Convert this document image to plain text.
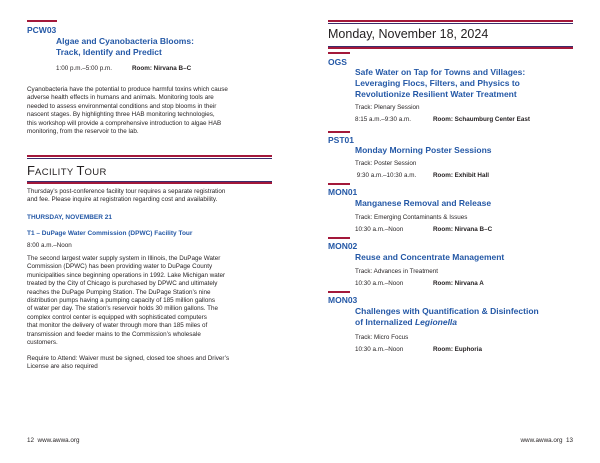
PCW03
Algae and Cyanobacteria Blooms:
Track, Identify and Predict
1:00 p.m.–5:00 p.m.	Room: Nirvana B–C
Cyanobacteria have the potential to produce harmful toxins which cause
adverse health effects in humans and animals. Monitoring tools are
needed to assess environmental conditions and stop blooms in their
nascent stages. By highlighting three HAB monitoring technologies,
this workshop will provide a comprehensive introduction to algae HAB
monitoring, from the reservoir to the lab.
FACILITY TOUR
Thursday’s post-conference facility tour requires a separate registration
and fee. Please inquire at registration regarding cost and availability.
THURSDAY, NOVEMBER 21
T1 – DuPage Water Commission (DPWC) Facility Tour
8:00 a.m.–Noon
The second largest water supply system in Illinois, the DuPage Water
Commission (DPWC) has been providing water to DuPage County
municipalities since beginning operations in 1992. Lake Michigan water
treated by the City of Chicago is purchased by DPWC and ultimately
reaches the DuPage Pumping Station. The DuPage Station’s nine
distribution pumps having a pumping capacity of 185 million gallons
of water per day. The station’s reservoir holds 30 million gallons. The
complex control center is equipped with sophisticated computers
that monitor the delivery of water through more than 185 miles of
transmission and feeder mains to the Commission’s wholesale
customers.
Require to Attend: Waiver must be signed, closed toe shoes and Driver’s
License are also required
12 www.awwa.org
Monday, November 18, 2024
OGS
Safe Water on Tap for Towns and Villages:
Leveraging Flocs, Filters, and Physics to
Revolutionize Resilient Water Treatment
Track: Plenary Session
8:15 a.m.–9:30 a.m.	Room: Schaumburg Center East
PST01
Monday Morning Poster Sessions
Track: Poster Session
9:30 a.m.–10:30 a.m.	Room: Exhibit Hall
MON01
Manganese Removal and Release
Track: Emerging Contaminants & Issues
10:30 a.m.–Noon	Room: Nirvana B–C
MON02
Reuse and Concentrate Management
Track: Advances in Treatment
10:30 a.m.–Noon	Room: Nirvana A
MON03
Challenges with Quantification & Disinfection
of Internalized Legionella
Track: Micro Focus
10:30 a.m.–Noon	Room: Euphoria
www.awwa.org 13
